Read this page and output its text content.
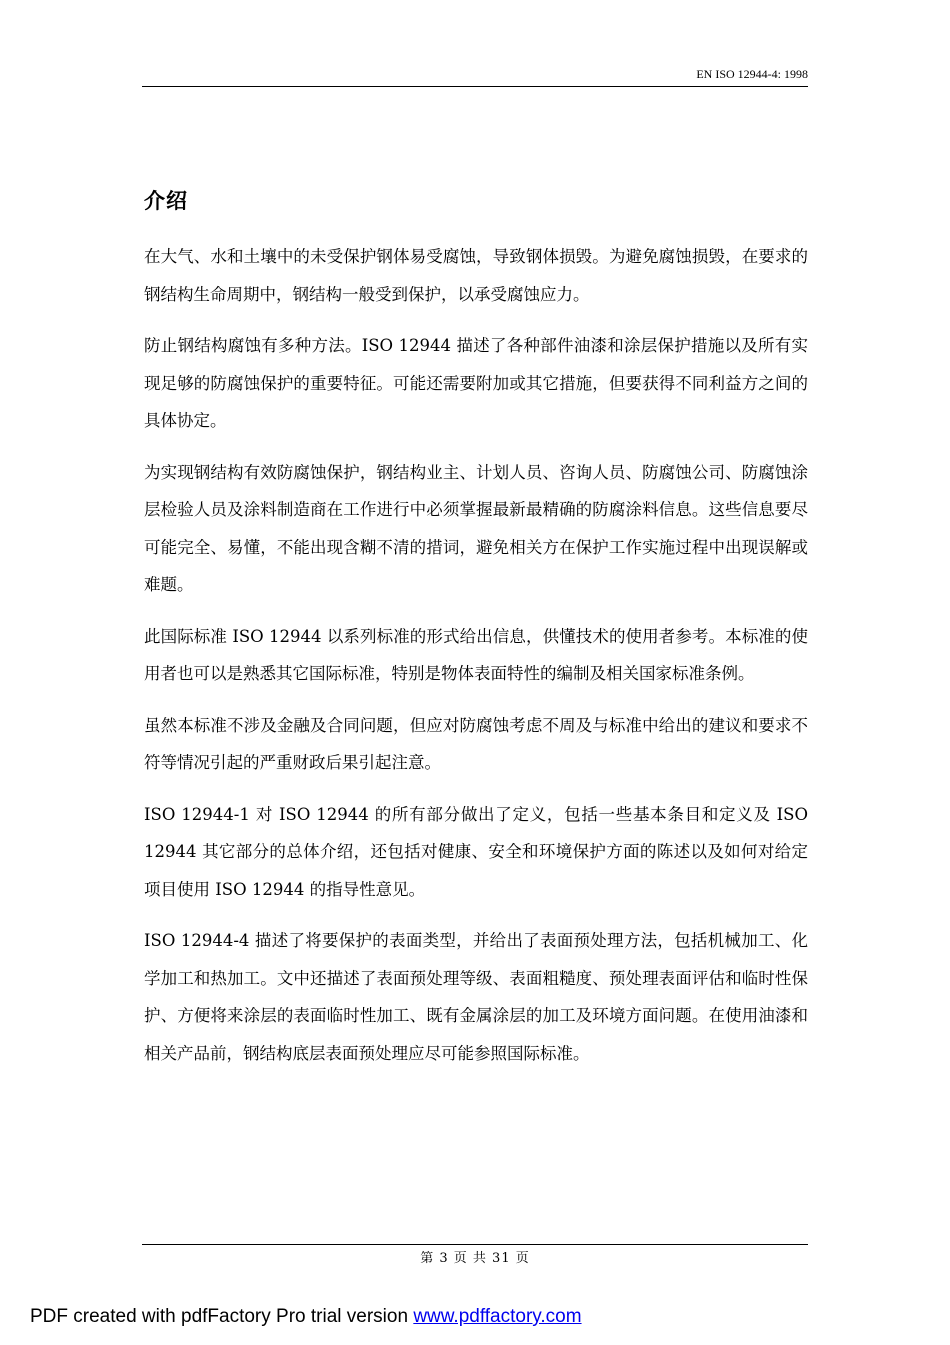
EN ISO 12944-4: 1998
介绍

在大气、水和土壤中的未受保护钢体易受腐蚀，导致钢体损毁。为避免腐蚀损毁，在要求的钢结构生命周期中，钢结构一般受到保护，以承受腐蚀应力。

防止钢结构腐蚀有多种方法。ISO 12944 描述了各种部件油漆和涂层保护措施以及所有实现足够的防腐蚀保护的重要特征。可能还需要附加或其它措施，但要获得不同利益方之间的具体协定。

为实现钢结构有效防腐蚀保护，钢结构业主、计划人员、咨询人员、防腐蚀公司、防腐蚀涂层检验人员及涂料制造商在工作进行中必须掌握最新最精确的防腐涂料信息。这些信息要尽可能完全、易懂，不能出现含糊不清的措词，避免相关方在保护工作实施过程中出现误解或难题。

此国际标准 ISO 12944 以系列标准的形式给出信息，供懂技术的使用者参考。本标准的使用者也可以是熟悉其它国际标准，特别是物体表面特性的编制及相关国家标准条例。

虽然本标准不涉及金融及合同问题，但应对防腐蚀考虑不周及与标准中给出的建议和要求不符等情况引起的严重财政后果引起注意。

ISO 12944-1 对 ISO 12944 的所有部分做出了定义，包括一些基本条目和定义及 ISO 12944 其它部分的总体介绍，还包括对健康、安全和环境保护方面的陈述以及如何对给定项目使用 ISO 12944 的指导性意见。

ISO 12944-4 描述了将要保护的表面类型，并给出了表面预处理方法，包括机械加工、化学加工和热加工。文中还描述了表面预处理等级、表面粗糙度、预处理表面评估和临时性保护、方便将来涂层的表面临时性加工、既有金属涂层的加工及环境方面问题。在使用油漆和相关产品前，钢结构底层表面预处理应尽可能参照国际标准。

第 3 页 共 31 页
PDF created with pdfFactory Pro trial version www.pdffactory.com
